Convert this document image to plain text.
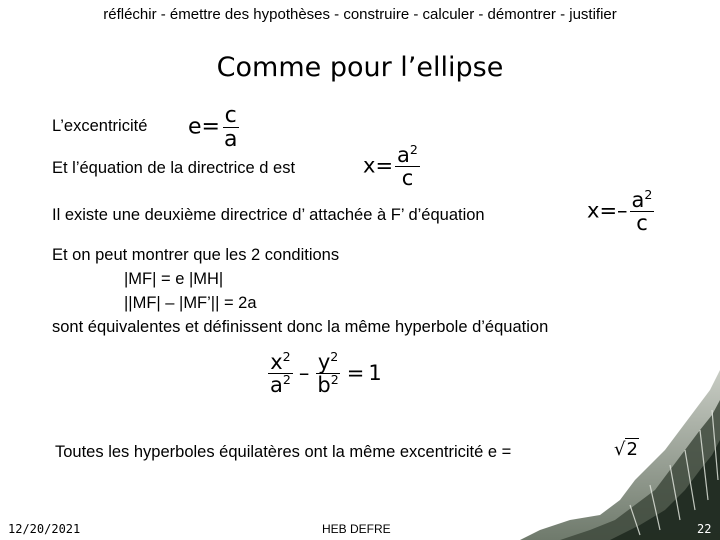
réfléchir - émettre des hypothèses - construire - calculer - démontrer - justifier
Comme pour l’ellipse
L’excentricité $e= \frac{c}{a}$
Et l’équation de la directrice d est	$x= \frac{a^2}{c}$
Il existe une deuxième directrice d’ attachée à F’ d’équation	$x=- \frac{a^2}{c}$
Et on peut montrer que les 2 conditions
|MF| = e |MH|
||MF| – |MF’|| = 2a
sont équivalentes et définissent donc la même hyperbole d’équation
$\frac{x^2}{a^2} - \frac{y^2}{b^2} = 1$
Toutes les hyperboles équilatères ont la même excentricité e =	√ 2
12/20/2021	HEB DEFRE	22
